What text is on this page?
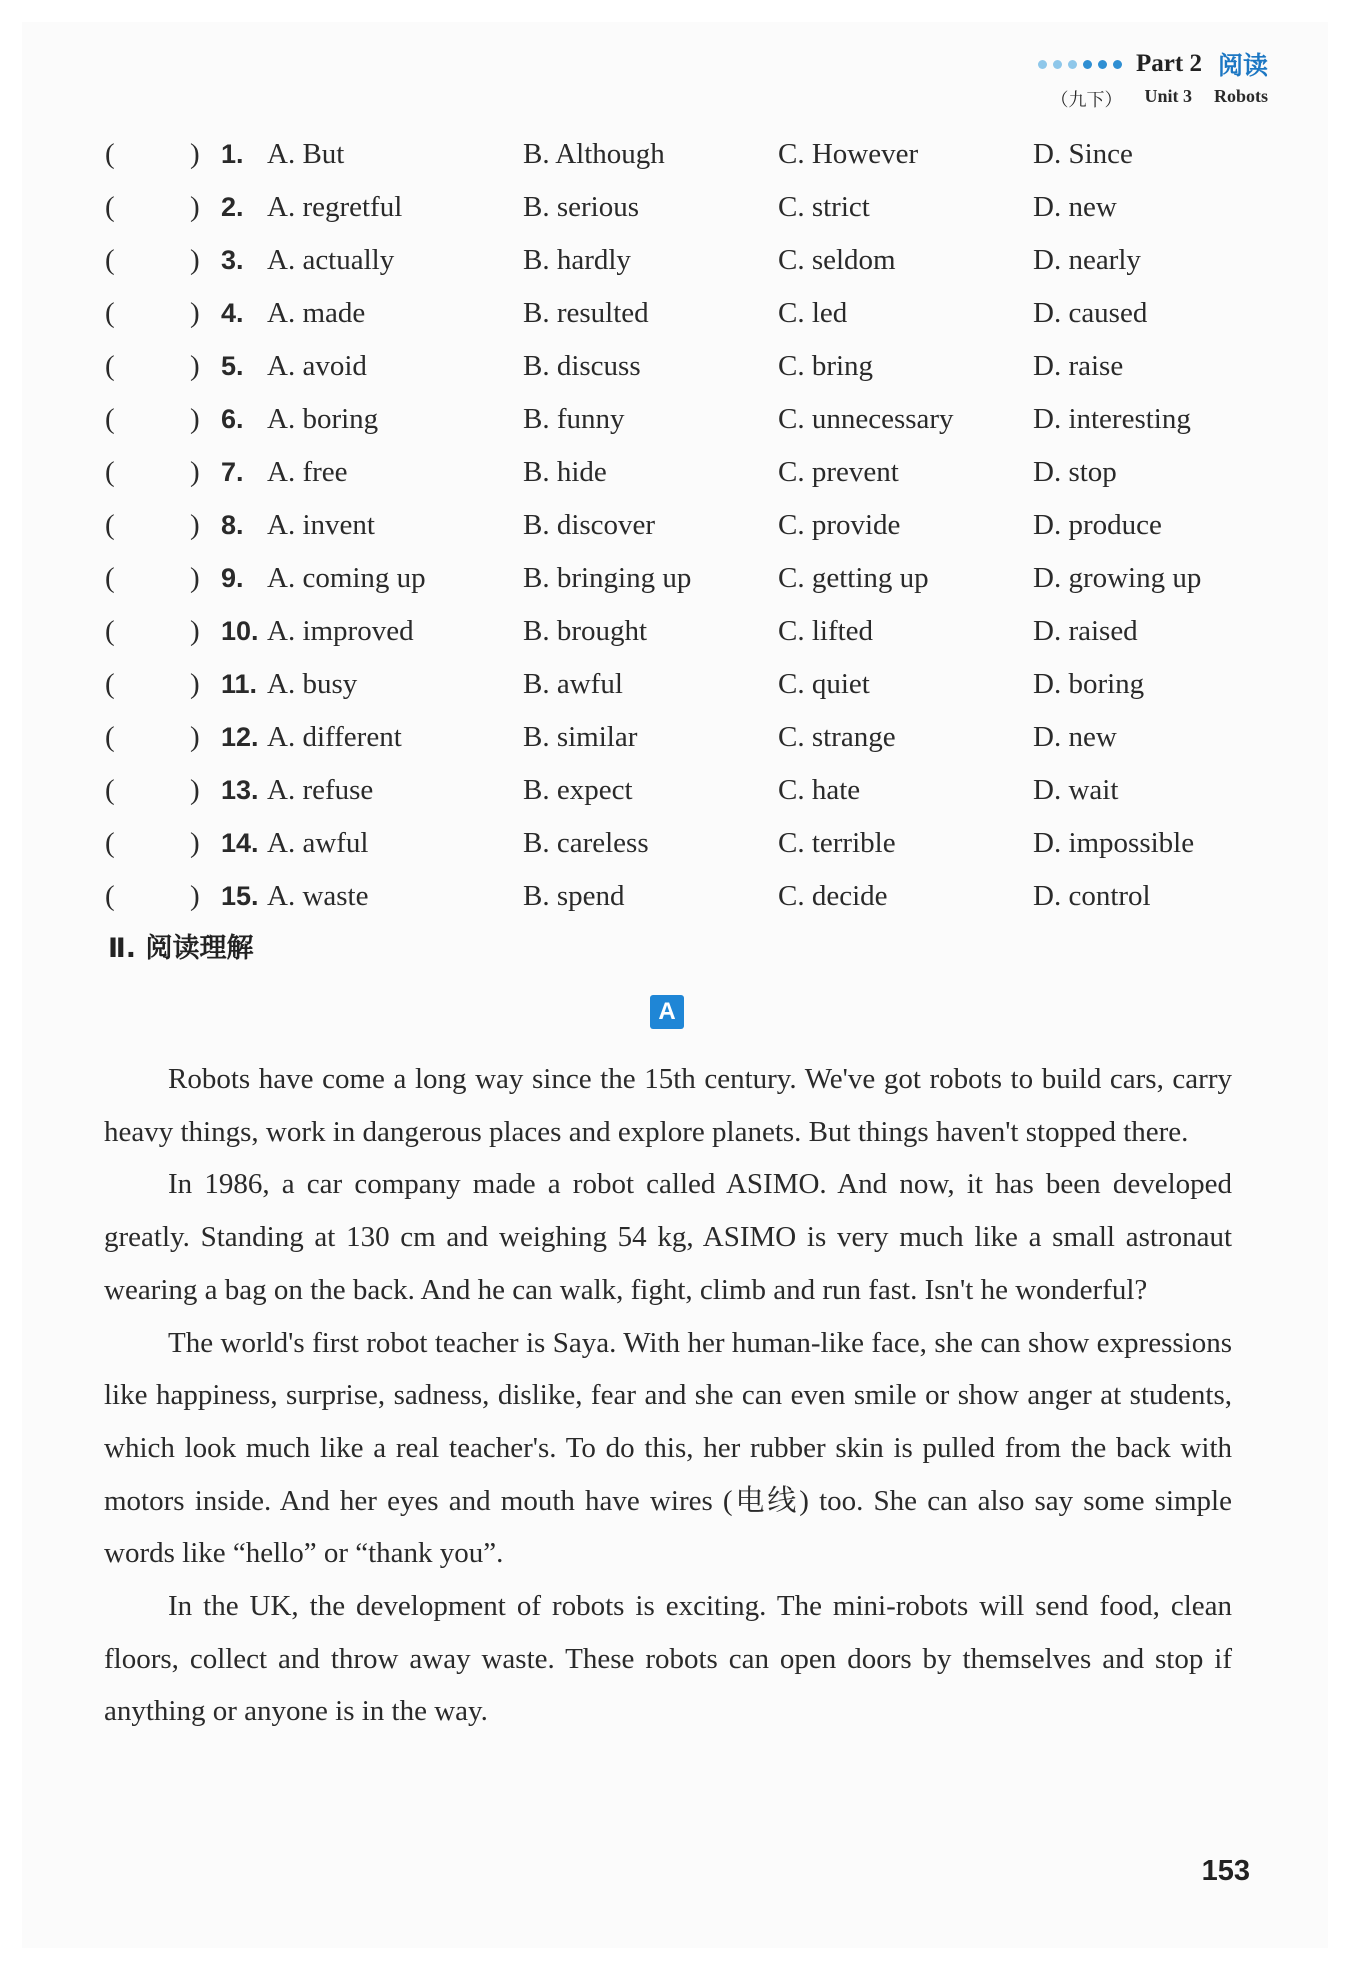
Part 2 阅读
（九下） Unit 3 Robots
(	) 1. A. But	B. Although	C. However	D. Since
(	) 2. A. regretful	B. serious	C. strict	D. new
(	) 3. A. actually	B. hardly	C. seldom	D. nearly
(	) 4. A. made	B. resulted	C. led	D. caused
(	) 5. A. avoid	B. discuss	C. bring	D. raise
(	) 6. A. boring	B. funny	C. unnecessary	D. interesting
(	) 7. A. free	B. hide	C. prevent	D. stop
(	) 8. A. invent	B. discover	C. provide	D. produce
(	) 9. A. coming up	B. bringing up	C. getting up	D. growing up
(	) 10. A. improved	B. brought	C. lifted	D. raised
(	) 11. A. busy	B. awful	C. quiet	D. boring
(	) 12. A. different	B. similar	C. strange	D. new
(	) 13. A. refuse	B. expect	C. hate	D. wait
(	) 14. A. awful	B. careless	C. terrible	D. impossible
(	) 15. A. waste	B. spend	C. decide	D. control
Ⅱ. 阅读理解
A

Robots have come a long way since the 15th century. We've got robots to build cars, carry heavy things, work in dangerous places and explore planets. But things haven't stopped there.

In 1986, a car company made a robot called ASIMO. And now, it has been developed greatly. Standing at 130 cm and weighing 54 kg, ASIMO is very much like a small astronaut wearing a bag on the back. And he can walk, fight, climb and run fast. Isn't he wonderful?

The world's first robot teacher is Saya. With her human-like face, she can show expressions like happiness, surprise, sadness, dislike, fear and she can even smile or show anger at students, which look much like a real teacher's. To do this, her rubber skin is pulled from the back with motors inside. And her eyes and mouth have wires (电线) too. She can also say some simple words like “hello” or “thank you”.

In the UK, the development of robots is exciting. The mini-robots will send food, clean floors, collect and throw away waste. These robots can open doors by themselves and stop if anything or anyone is in the way.

153
